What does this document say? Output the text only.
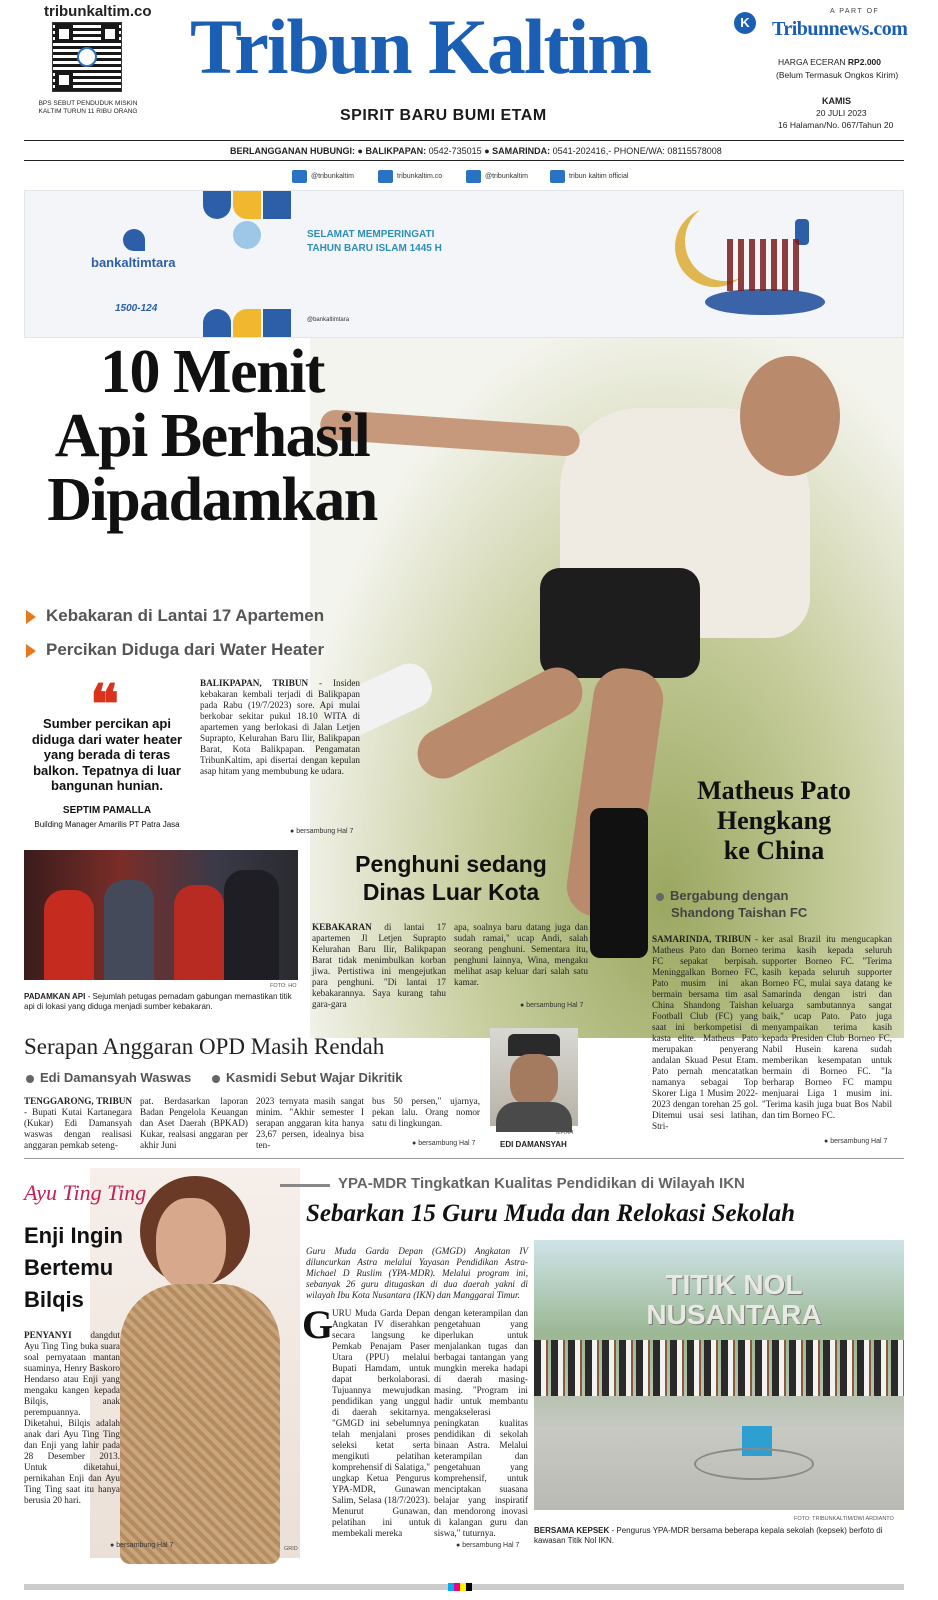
tribunkaltim.co
BPS SEBUT PENDUDUK MISKIN KALTIM TURUN 11 RIBU ORANG
Tribun Kaltim	K
SPIRIT BARU BUMI ETAM
A PART OF
Tribunnews.com
HARGA ECERAN RP2.000
(Belum Termasuk Ongkos Kirim)
KAMIS
20 JULI 2023
16 Halaman/No. 067/Tahun 20
BERLANGGANAN HUBUNGI: ● BALIKPAPAN: 0542-735015 ● SAMARINDA: 0541-202416,- PHONE/WA: 08115578008
@tribunkaltim	tribunkaltim.co	@tribunkaltim	tribun kaltim official
bankaltimtara
1500-124
SELAMAT MEMPERINGATI
TAHUN BARU ISLAM 1445 H
@bankaltimtara
10 Menit
Api Berhasil
Dipadamkan
Kebakaran di Lantai 17 Apartemen
Percikan Diduga dari Water Heater
❝
Sumber percikan api diduga dari water heater yang berada di teras balkon. Tepatnya di luar bangunan hunian.
SEPTIM PAMALLA
Building Manager Amarilis PT Patra Jasa
BALIKPAPAN, TRIBUN - Insiden kebakaran kembali terjadi di Balikpapan pada Rabu (19/7/2023) sore. Api mulai berkobar sekitar pukul 18.10 WITA di apartemen yang berlokasi di Jalan Letjen Suprapto, Kelurahan Baru Ilir, Balikpapan Barat, Kota Balikpapan. Pengamatan TribunKaltim, api disertai dengan kepulan asap hitam yang membubung ke udara.
● bersambung Hal 7
FOTO: HO
PADAMKAN API - Sejumlah petugas pemadam gabungan memastikan titik api di lokasi yang diduga menjadi sumber kebakaran.
Penghuni sedang
Dinas Luar Kota
KEBAKARAN di lantai 17 apartemen Jl Letjen Suprapto Kelurahan Baru Ilir, Balikpapan Barat tidak menimbulkan korban jiwa. Pertistiwa ini mengejutkan para penghuni. "Di lantai 17 kebakarannya. Saya kurang tahu gara-gara
apa, soalnya baru datang juga dan sudah ramai," ucap Andi, salah seorang penghuni. Sementara itu, penghuni lainnya, Wina, mengaku melihat asap keluar dari salah satu kamar.
● bersambung Hal 7
Matheus Pato
Hengkang
ke China
Bergabung dengan
Shandong Taishan FC
SAMARINDA, TRIBUN - Matheus Pato dan Borneo FC sepakat berpisah. Meninggalkan Borneo FC, Pato musim ini akan bermain bersama tim asal China Shandong Taishan Football Club (FC) yang saat ini berkompetisi di kasta elite. Matheus Pato merupakan penyerang andalan Skuad Pesut Etam. Pato pernah mencatatkan namanya sebagai Top Skorer Liga 1 Musim 2022-2023 dengan torehan 25 gol. Ditemui usai sesi latihan, Stri-
ker asal Brazil itu mengucapkan terima kasih kepada seluruh supporter Borneo FC. "Terima kasih kepada seluruh supporter Borneo FC, mulai saya datang ke Samarinda dengan istri dan keluarga sambutannya sangat baik," ucap Pato. Pato juga menyampaikan terima kasih kepada Presiden Club Borneo FC, Nabil Husein karena sudah memberikan kesempatan untuk bermain di Borneo FC. "Ia berharap Borneo FC mampu menjuarai Liga 1 musim ini. "Terima kasih juga buat Bos Nabil dan tim Borneo FC.
● bersambung Hal 7
Serapan Anggaran OPD Masih Rendah
Edi Damansyah Waswas	Kasmidi Sebut Wajar Dikritik
TENGGARONG, TRIBUN - Bupati Kutai Kartanegara (Kukar) Edi Damansyah waswas dengan realisasi anggaran pemkab seteng-
pat. Berdasarkan laporan Badan Pengelola Keuangan dan Aset Daerah (BPKAD) Kukar, realsasi anggaran per akhir Juni
2023 ternyata masih sangat minim. "Akhir semester I serapan anggaran kita hanya 23,67 persen, idealnya bisa ten-
bus 50 persen," ujarnya, pekan lalu. Orang nomor satu di lingkungan.
● bersambung Hal 7
MFIAH
EDI DAMANSYAH
Ayu Ting Ting
Enji Ingin
Bertemu
Bilqis
PENYANYI dangdut Ayu Ting Ting buka suara soal pernyataan mantan suaminya, Henry Baskoro Hendarso atau Enji yang mengaku kangen kepada Bilqis, anak perempuannya. Diketahui, Bilqis adalah anak dari Ayu Ting Ting dan Enji yang lahir pada 28 Desember 2013. Untuk diketahui, pernikahan Enji dan Ayu Ting Ting saat itu hanya berusia 20 hari.
● bersambung Hal 7	GRID
YPA-MDR Tingkatkan Kualitas Pendidikan di Wilayah IKN
Sebarkan 15 Guru Muda dan Relokasi Sekolah
Guru Muda Garda Depan (GMGD) Angkatan IV diluncurkan Astra melalui Yayasan Pendidikan Astra-Michael D Ruslim (YPA-MDR). Melalui program ini, sebanyak 26 guru ditugaskan di dua daerah yakni di wilayah Ibu Kota Nusantara (IKN) dan Manggarai Timur.
G
URU Muda Garda Depan Angkatan IV diserahkan secara langsung ke Pemkab Penajam Paser Utara (PPU) melalui Bupati Hamdam, untuk dapat berkolaborasi. Tujuannya mewujudkan pendidikan yang unggul di daerah sekitarnya. "GMGD ini sebelumnya telah menjalani proses seleksi ketat serta mengikuti pelatihan komprehensif di Salatiga," ungkap Ketua Pengurus YPA-MDR, Gunawan Salim, Selasa (18/7/2023). Menurut Gunawan, pelatihan ini untuk membekali mereka
dengan keterampilan dan pengetahuan yang diperlukan untuk menjalankan tugas dan berbagai tantangan yang mungkin mereka hadapi di daerah masing-masing. "Program ini hadir untuk membantu mengakselerasi peningkatan kualitas pendidikan di sekolah binaan Astra. Melalui keterampilan dan pengetahuan yang komprehensif, untuk menciptakan suasana belajar yang inspiratif dan mendorong inovasi di kalangan guru dan siswa," tuturnya.
● bersambung Hal 7
TITIK NOL NUSANTARA
FOTO: TRIBUNKALTIM/DWI ARDIANTO
BERSAMA KEPSEK - Pengurus YPA-MDR bersama beberapa kepala sekolah (kepsek) berfoto di kawasan Titik Nol IKN.
